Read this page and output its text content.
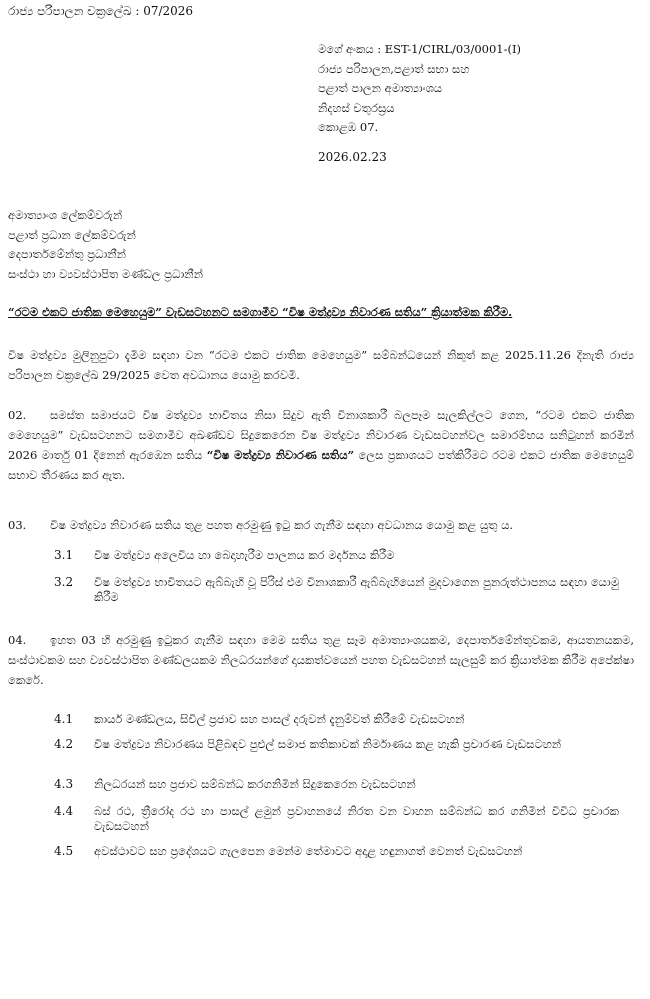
රාජ්‍ය පරිපාලන චක්‍රලේඛ : 07/2026
මගේ අංකය : EST-1/CIRL/03/0001-(I)
රාජ්‍ය පරිපාලන,පළාත් සභා සහ
පළාත් පාලන අමාත්‍යාංශය
නිදහස් චතුරස්‍රය
කොළඹ 07.
2026.02.23
අමාත්‍යාංශ ලේකම්වරුන්
පළාත් ප්‍රධාන ලේකම්වරුන්
දෙපාර්තමේන්තු ප්‍රධානීන්
සංස්ථා හා ව්‍යවස්ථාපිත මණ්ඩල ප්‍රධානීන්
“රටම එකට ජාතික මෙහෙයුම” වැඩසටහනට සමගාමීව “විෂ මත්ද්‍රව්‍ය නිවාරණ සතිය” ක්‍රියාත්මක කිරීම.
විෂ මත්ද්‍රව්‍ය මුලිනුපුටා දැමීම සඳහා වන “රටම එකට ජාතික මෙහෙයුම” සම්බන්ධයෙන් නිකුත් කළ 2025.11.26 දිනැති රාජ්‍ය පරිපාලන චක්‍රලේඛ 29/2025 වෙත අවධානය යොමු කරවමි.
02. සමස්ත සමාජයට විෂ මත්ද්‍රව්‍ය භාවිතය නිසා සිදුව ඇති විනාශකාරී බලපෑම සැලකිල්ලට ගෙන, “රටම එකට ජාතික මෙහෙයුම” වැඩසටහනට සමගාමීව අඛණ්ඩව සිදුකෙරෙන විෂ මත්ද්‍රව්‍ය නිවාරණ වැඩසටහන්වල සමාරම්භය සනිටුහන් කරමින් 2026 මාර්තු 01 දිනෙන් ඇරඹෙන සතිය “විෂ මත්ද්‍රව්‍ය නිවාරණ සතිය” ලෙස ප්‍රකාශයට පත්කිරීමට රටම එකට ජාතික මෙහෙයුම් සභාව තීරණය කර ඇත.
03. විෂ මත්ද්‍රව්‍ය නිවාරණ සතිය තුළ පහත අරමුණු ඉටු කර ගැනීම සඳහා අවධානය යොමු කළ යුතු ය.
3.1	විෂ මත්ද්‍රව්‍ය අලෙවිය හා බෙදාහැරීම පාලනය කර මර්දනය කිරීම
3.2	විෂ මත්ද්‍රව්‍ය භාවිතයට ඇබ්බැහි වූ පිරිස් එම විනාශකාරී ඇබ්බැහියෙන් මුදවාගෙන පුනරුත්ථාපනය සඳහා යොමු කිරීම
04. ඉහත 03 හි අරමුණු ඉටුකර ගැනීම සඳහා මෙම සතිය තුළ සෑම අමාත්‍යාංශයකම, දෙපාර්තමේන්තුවකම, ආයතනයකම, සංස්ථාවකම සහ ව්‍යවස්ථාපිත මණ්ඩලයකම නිලධරයන්ගේ දායකත්වයෙන් පහත වැඩසටහන් සැලසුම් කර ක්‍රියාත්මක කිරීම අපේක්ෂා කෙරේ.
4.1	කාර්ය මණ්ඩලය, සිවිල් ප්‍රජාව සහ පාසල් දරුවන් දැනුම්වත් කිරීමේ වැඩසටහන්
4.2	විෂ මත්ද්‍රව්‍ය නිවාරණය පිළිබඳව පුළුල් සමාජ කතිකාවක් නිර්මාණය කළ හැකි ප්‍රචාරණ වැඩසටහන්
4.3	නිලධරයන් සහ ප්‍රජාව සම්බන්ධ කරගනිමින් සිදුකෙරෙන වැඩසටහන්
4.4	බස් රථ, ත්‍රීරෝද රථ හා පාසල් ළමුන් ප්‍රවාහනයේ නිරත වන වාහන සම්බන්ධ කර ගනිමින් විවිධ ප්‍රචාරක වැඩසටහන්
4.5	අවස්ථාවට සහ ප්‍රදේශයට ගැලපෙන මෙන්ම තේමාවට අදාළ හඳුනාගත් වෙනත් වැඩසටහන්
